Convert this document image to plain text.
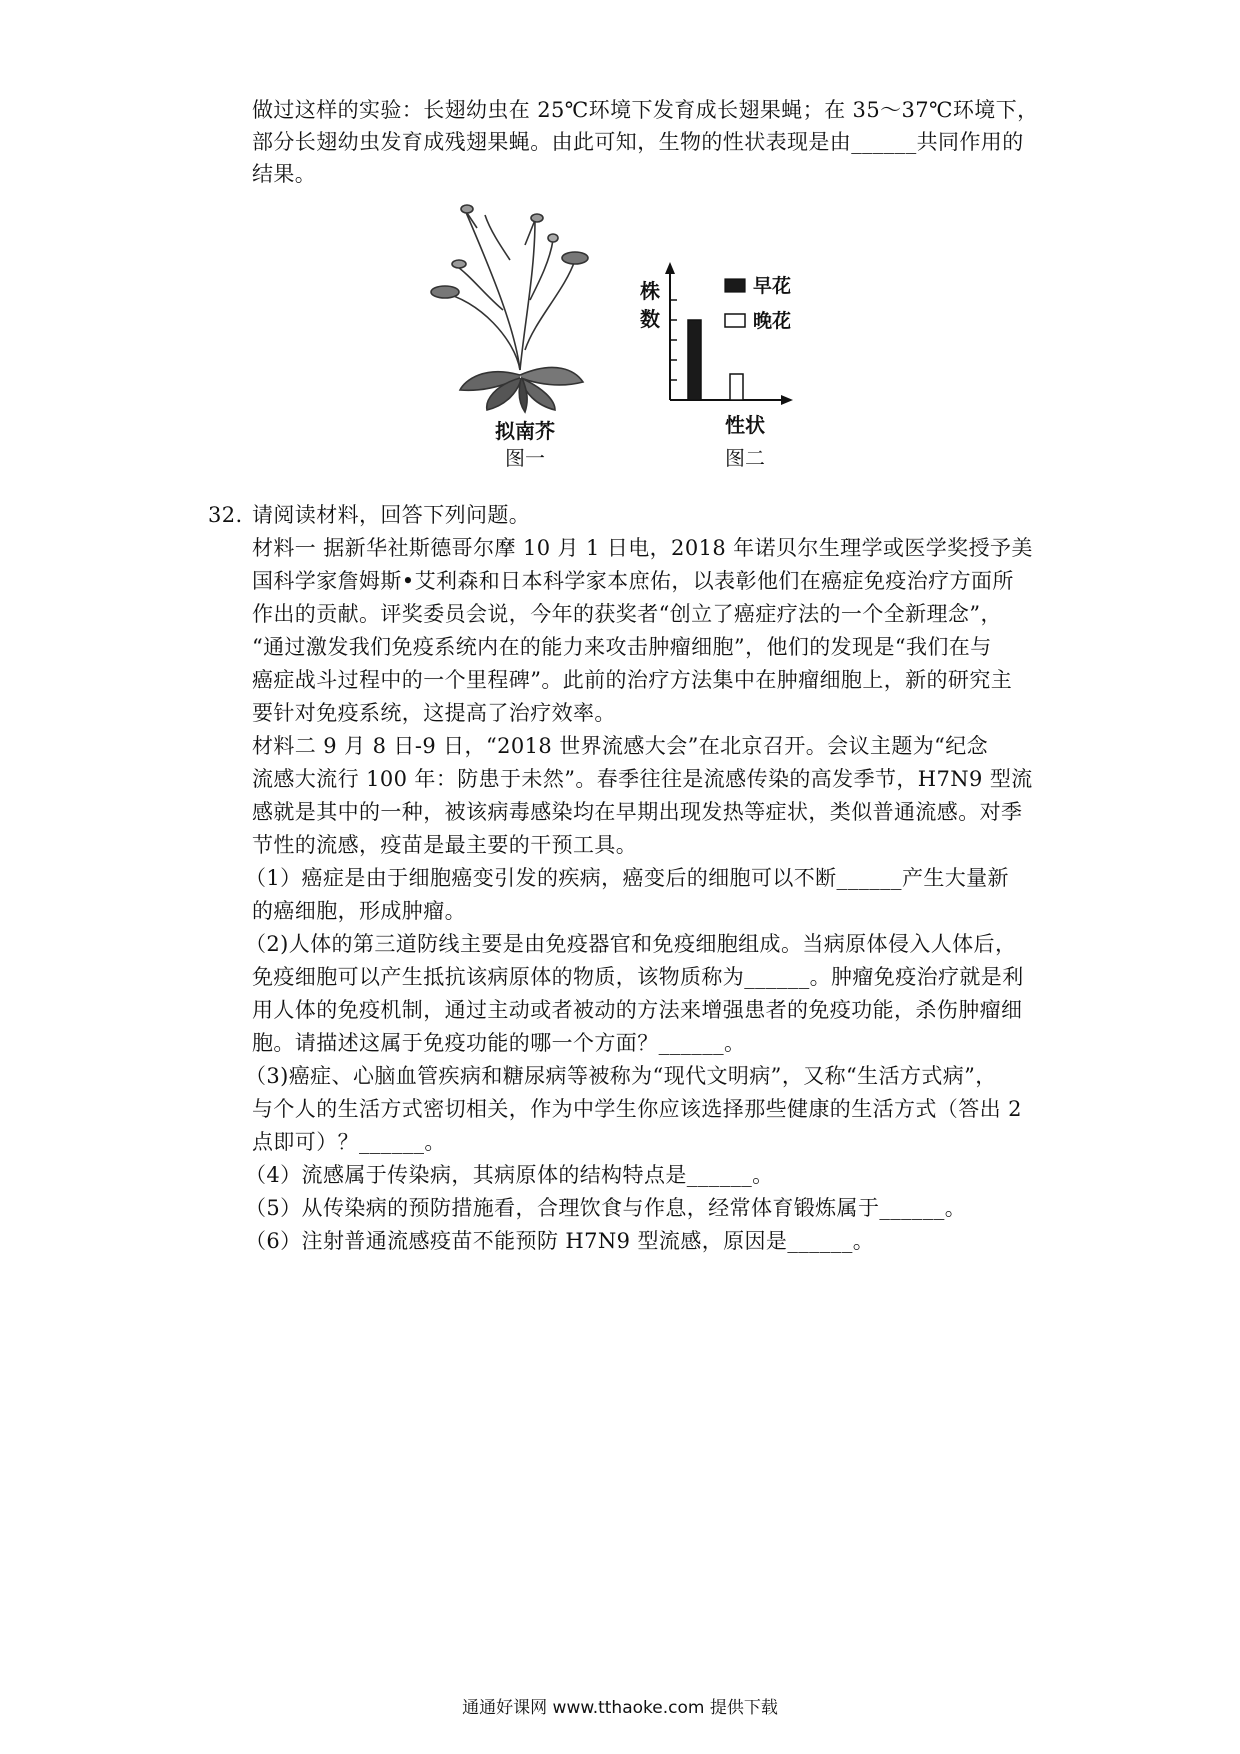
做过这样的实验：长翅幼虫在 25℃环境下发育成长翅果蝇；在 35～37℃环境下，
部分长翅幼虫发育成残翅果蝇。由此可知，生物的性状表现是由______共同作用的
结果。
拟南芥
图一
株
数
早花
晚花
性状
图二
32. 请阅读材料，回答下列问题。
材料一 据新华社斯德哥尔摩 10 月 1 日电，2018 年诺贝尔生理学或医学奖授予美
国科学家詹姆斯•艾利森和日本科学家本庶佑，以表彰他们在癌症免疫治疗方面所
作出的贡献。评奖委员会说，今年的获奖者“创立了癌症疗法的一个全新理念”，
“通过激发我们免疫系统内在的能力来攻击肿瘤细胞”，他们的发现是“我们在与
癌症战斗过程中的一个里程碑”。此前的治疗方法集中在肿瘤细胞上，新的研究主
要针对免疫系统，这提高了治疗效率。
材料二 9 月 8 日-9 日，“2018 世界流感大会”在北京召开。会议主题为“纪念
流感大流行 100 年：防患于未然”。春季往往是流感传染的高发季节，H7N9 型流
感就是其中的一种，被该病毒感染均在早期出现发热等症状，类似普通流感。对季
节性的流感，疫苗是最主要的干预工具。
（1）癌症是由于细胞癌变引发的疾病，癌变后的细胞可以不断______产生大量新
的癌细胞，形成肿瘤。
（2)人体的第三道防线主要是由免疫器官和免疫细胞组成。当病原体侵入人体后，
免疫细胞可以产生抵抗该病原体的物质，该物质称为______。肿瘤免疫治疗就是利
用人体的免疫机制，通过主动或者被动的方法来增强患者的免疫功能，杀伤肿瘤细
胞。请描述这属于免疫功能的哪一个方面？______。
（3)癌症、心脑血管疾病和糖尿病等被称为“现代文明病”，又称“生活方式病”，
与个人的生活方式密切相关，作为中学生你应该选择那些健康的生活方式（答出 2
点即可）？______。
（4）流感属于传染病，其病原体的结构特点是______。
（5）从传染病的预防措施看，合理饮食与作息，经常体育锻炼属于______。
（6）注射普通流感疫苗不能预防 H7N9 型流感，原因是______。
通通好课网 www.tthaoke.com 提供下载
